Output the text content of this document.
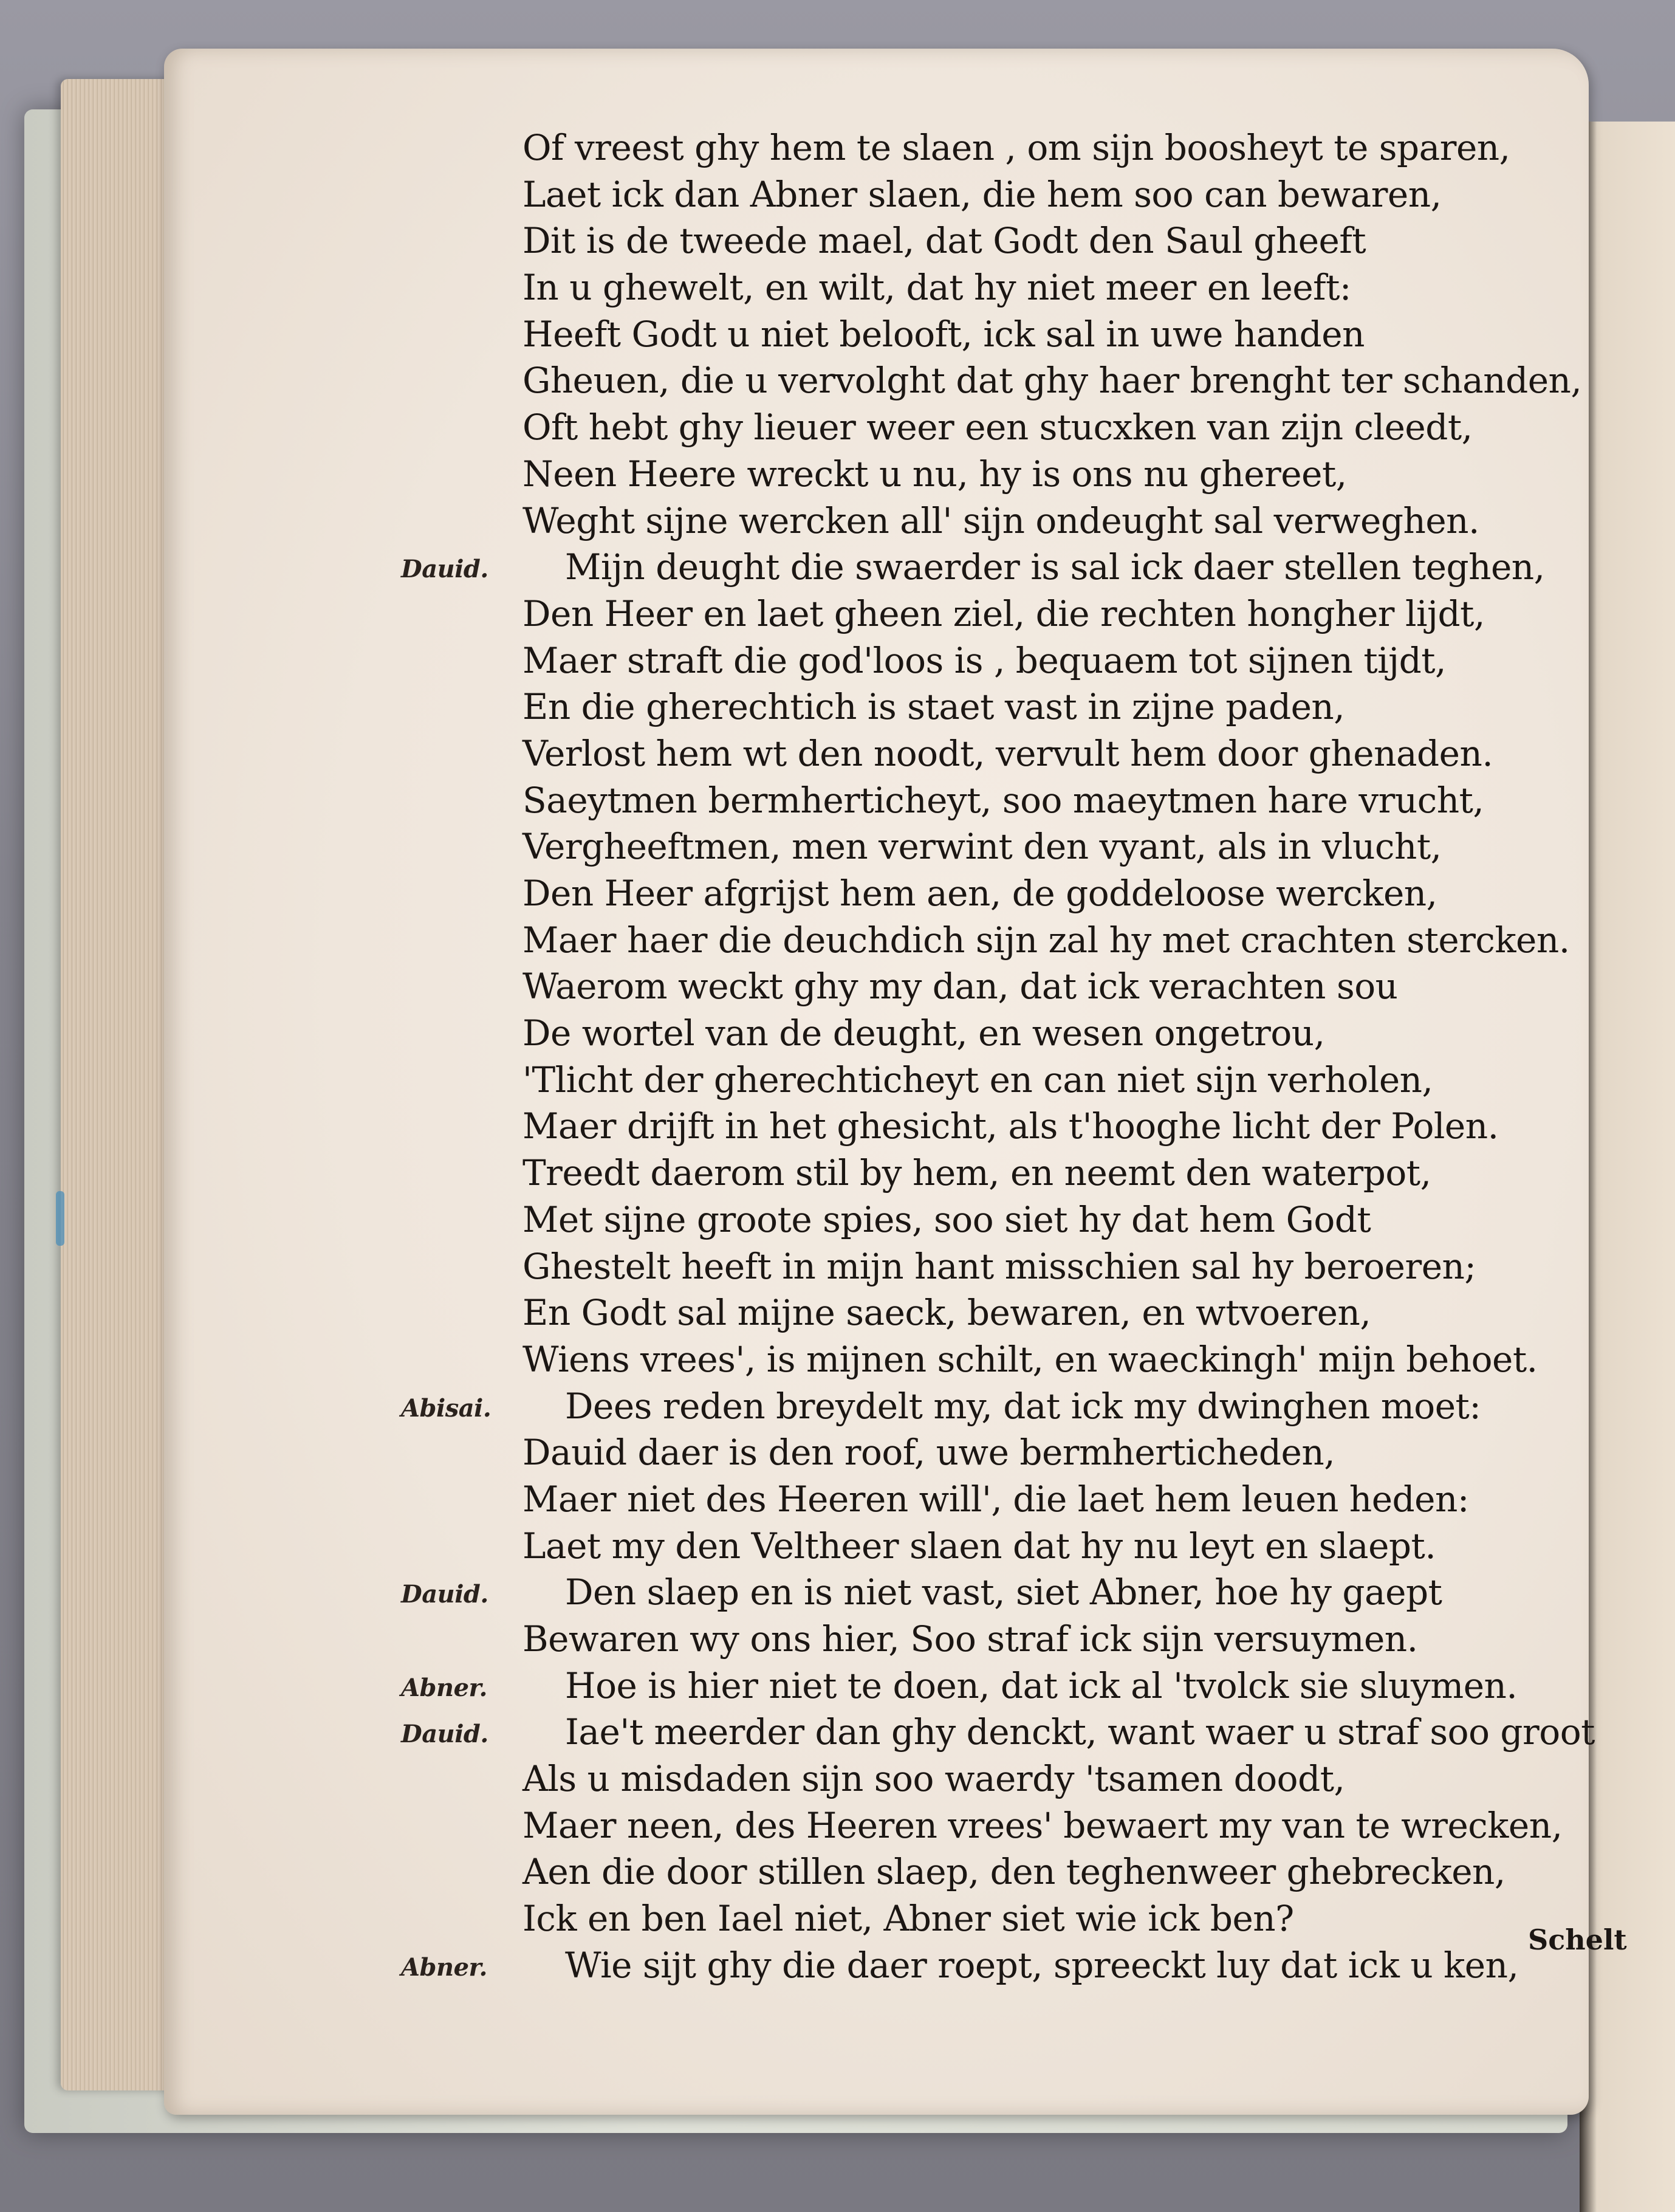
Of vreest ghy hem te slaen , om sijn boosheyt te sparen,
Laet ick dan Abner slaen, die hem soo can bewaren,
Dit is de tweede mael, dat Godt den Saul gheeft
In u ghewelt, en wilt, dat hy niet meer en leeft:
Heeft Godt u niet belooft, ick sal in uwe handen
Gheuen, die u vervolght dat ghy haer brenght ter schanden,
Oft hebt ghy lieuer weer een stucxken van zijn cleedt,
Neen Heere wreckt u nu, hy is ons nu ghereet,
Weght sijne wercken all' sijn ondeught sal verweghen.
Dauid. Mijn deught die swaerder is sal ick daer stellen teghen,
Den Heer en laet gheen ziel, die rechten hongher lijdt,
Maer straft die god'loos is , bequaem tot sijnen tijdt,
En die gherechtich is staet vast in zijne paden,
Verlost hem wt den noodt, vervult hem door ghenaden.
Saeytmen bermherticheyt, soo maeytmen hare vrucht,
Vergheeftmen, men verwint den vyant, als in vlucht,
Den Heer afgrijst hem aen, de goddeloose wercken,
Maer haer die deuchdich sijn zal hy met crachten stercken.
Waerom weckt ghy my dan, dat ick verachten sou
De wortel van de deught, en wesen ongetrou,
'Tlicht der gherechticheyt en can niet sijn verholen,
Maer drijft in het ghesicht, als t'hooghe licht der Polen.
Treedt daerom stil by hem, en neemt den waterpot,
Met sijne groote spies, soo siet hy dat hem Godt
Ghestelt heeft in mijn hant misschien sal hy beroeren;
En Godt sal mijne saeck, bewaren, en wtvoeren,
Wiens vrees', is mijnen schilt, en waeckingh' mijn behoet.
Abisai. Dees reden breydelt my, dat ick my dwinghen moet:
Dauid daer is den roof, uwe bermherticheden,
Maer niet des Heeren will', die laet hem leuen heden:
Laet my den Veltheer slaen dat hy nu leyt en slaept.
Dauid. Den slaep en is niet vast, siet Abner, hoe hy gaept
Bewaren wy ons hier, Soo straf ick sijn versuymen.
Abner. Hoe is hier niet te doen, dat ick al 'tvolck sie sluymen.
Dauid. Iae't meerder dan ghy denckt, want waer u straf soo groot
Als u misdaden sijn soo waerdy 'tsamen doodt,
Maer neen, des Heeren vrees' bewaert my van te wrecken,
Aen die door stillen slaep, den teghenweer ghebrecken,
Ick en ben Iael niet, Abner siet wie ick ben?
Abner. Wie sijt ghy die daer roept, spreeckt luy dat ick u ken,
Schelt
